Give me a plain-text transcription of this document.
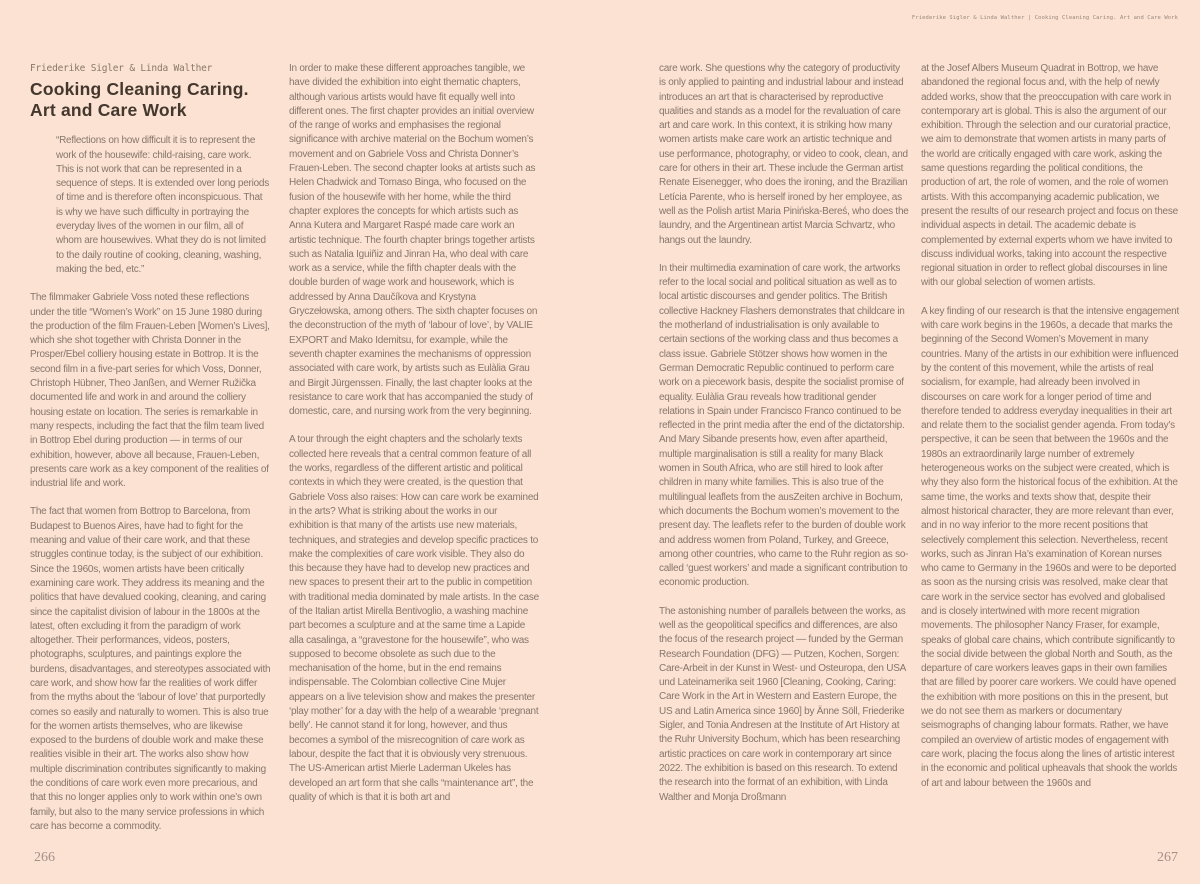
Friederike Sigler & Linda Walther | Cooking Cleaning Caring. Art and Care Work
Friederike Sigler & Linda Walther
Cooking Cleaning Caring.
Art and Care Work
“Reflections on how difficult it is to represent the work of the housewife: child-raising, care work. This is not work that can be represented in a sequence of steps. It is extended over long periods of time and is therefore often inconspicuous. That is why we have such difficulty in portraying the everyday lives of the women in our film, all of whom are housewives. What they do is not limited to the daily routine of cooking, cleaning, washing, making the bed, etc.”

The filmmaker Gabriele Voss noted these reflections under the title “Women’s Work” on 15 June 1980 during the production of the film Frauen-Leben [Women’s Lives], which she shot together with Christa Donner in the Prosper/Ebel colliery housing estate in Bottrop. It is the second film in a five-part series for which Voss, Donner, Christoph Hübner, Theo Janßen, and Werner Ružička documented life and work in and around the colliery housing estate on location. The series is remarkable in many respects, including the fact that the film team lived in Bottrop Ebel during production — in terms of our exhibition, however, above all because, Frauen-Leben, presents care work as a key component of the realities of industrial life and work.

The fact that women from Bottrop to Barcelona, from Budapest to Buenos Aires, have had to fight for the meaning and value of their care work, and that these struggles continue today, is the subject of our exhibition. Since the 1960s, women artists have been critically examining care work. They address its meaning and the politics that have devalued cooking, cleaning, and caring since the capitalist division of labour in the 1800s at the latest, often excluding it from the paradigm of work altogether. Their performances, videos, posters, photographs, sculptures, and paintings explore the burdens, disadvantages, and stereotypes associated with care work, and show how far the realities of work differ from the myths about the ‘labour of love’ that purportedly comes so easily and naturally to women. This is also true for the women artists themselves, who are likewise exposed to the burdens of double work and make these realities visible in their art. The works also show how multiple discrimination contributes significantly to making the conditions of care work even more precarious, and that this no longer applies only to work within one’s own family, but also to the many service professions in which care has become a commodity.

In order to make these different approaches tangible, we have divided the exhibition into eight thematic chapters, although various artists would have fit equally well into different ones. The first chapter provides an initial overview of the range of works and emphasises the regional significance with archive material on the Bochum women’s movement and on Gabriele Voss and Christa Donner’s Frauen-Leben. The second chapter looks at artists such as Helen Chadwick and Tomaso Binga, who focused on the fusion of the housewife with her home, while the third chapter explores the concepts for which artists such as Anna Kutera and Margaret Raspé made care work an artistic technique. The fourth chapter brings together artists such as Natalia Iguiñiz and Jinran Ha, who deal with care work as a service, while the fifth chapter deals with the double burden of wage work and housework, which is addressed by Anna Daučíkova and Krystyna Gryczełowska, among others. The sixth chapter focuses on the deconstruction of the myth of ‘labour of love’, by VALIE EXPORT and Mako Idemitsu, for example, while the seventh chapter examines the mechanisms of oppression associated with care work, by artists such as Eulàlia Grau and Birgit Jürgenssen. Finally, the last chapter looks at the resistance to care work that has accompanied the study of domestic, care, and nursing work from the very beginning.

A tour through the eight chapters and the scholarly texts collected here reveals that a central common feature of all the works, regardless of the different artistic and political contexts in which they were created, is the question that Gabriele Voss also raises: How can care work be examined in the arts? What is striking about the works in our exhibition is that many of the artists use new materials, techniques, and strategies and develop specific practices to make the complexities of care work visible. They also do this because they have had to develop new practices and new spaces to present their art to the public in competition with traditional media dominated by male artists. In the case of the Italian artist Mirella Bentivoglio, a washing machine part becomes a sculpture and at the same time a Lapide alla casalinga, a “gravestone for the housewife”, who was supposed to become obsolete as such due to the mechanisation of the home, but in the end remains indispensable. The Colombian collective Cine Mujer appears on a live television show and makes the presenter ‘play mother’ for a day with the help of a wearable ‘pregnant belly’. He cannot stand it for long, however, and thus becomes a symbol of the misrecognition of care work as labour, despite the fact that it is obviously very strenuous. The US-American artist Mierle Laderman Ukeles has developed an art form that she calls “maintenance art”, the quality of which is that it is both art and

care work. She questions why the category of productivity is only applied to painting and industrial labour and instead introduces an art that is characterised by reproductive qualities and stands as a model for the revaluation of care art and care work. In this context, it is striking how many women artists make care work an artistic technique and use performance, photography, or video to cook, clean, and care for others in their art. These include the German artist Renate Eisenegger, who does the ironing, and the Brazilian Letícia Parente, who is herself ironed by her employee, as well as the Polish artist Maria Pinińska-Bereś, who does the laundry, and the Argentinean artist Marcia Schvartz, who hangs out the laundry.

In their multimedia examination of care work, the artworks refer to the local social and political situation as well as to local artistic discourses and gender politics. The British collective Hackney Flashers demonstrates that childcare in the motherland of industrialisation is only available to certain sections of the working class and thus becomes a class issue. Gabriele Stötzer shows how women in the German Democratic Republic continued to perform care work on a piecework basis, despite the socialist promise of equality. Eulàlia Grau reveals how traditional gender relations in Spain under Francisco Franco continued to be reflected in the print media after the end of the dictatorship. And Mary Sibande presents how, even after apartheid, multiple marginalisation is still a reality for many Black women in South Africa, who are still hired to look after children in many white families. This is also true of the multilingual leaflets from the ausZeiten archive in Bochum, which documents the Bochum women’s movement to the present day. The leaflets refer to the burden of double work and address women from Poland, Turkey, and Greece, among other countries, who came to the Ruhr region as so-called ‘guest workers’ and made a significant contribution to economic production.

The astonishing number of parallels between the works, as well as the geopolitical specifics and differences, are also the focus of the research project — funded by the German Research Foundation (DFG) — Putzen, Kochen, Sorgen: Care-Arbeit in der Kunst in West- und Osteuropa, den USA und Lateinamerika seit 1960 [Cleaning, Cooking, Caring: Care Work in the Art in Western and Eastern Europe, the US and Latin America since 1960] by Änne Söll, Friederike Sigler, and Tonia Andresen at the Institute of Art History at the Ruhr University Bochum, which has been researching artistic practices on care work in contemporary art since 2022. The exhibition is based on this research. To extend the research into the format of an exhibition, with Linda Walther and Monja Droßmann

at the Josef Albers Museum Quadrat in Bottrop, we have abandoned the regional focus and, with the help of newly added works, show that the preoccupation with care work in contemporary art is global. This is also the argument of our exhibition. Through the selection and our curatorial practice, we aim to demonstrate that women artists in many parts of the world are critically engaged with care work, asking the same questions regarding the political conditions, the production of art, the role of women, and the role of women artists. With this accompanying academic publication, we present the results of our research project and focus on these individual aspects in detail. The academic debate is complemented by external experts whom we have invited to discuss individual works, taking into account the respective regional situation in order to reflect global discourses in line with our global selection of women artists.

A key finding of our research is that the intensive engagement with care work begins in the 1960s, a decade that marks the beginning of the Second Women’s Movement in many countries. Many of the artists in our exhibition were influenced by the content of this movement, while the artists of real socialism, for example, had already been involved in discourses on care work for a longer period of time and therefore tended to address everyday inequalities in their art and relate them to the socialist gender agenda. From today’s perspective, it can be seen that between the 1960s and the 1980s an extraordinarily large number of extremely heterogeneous works on the subject were created, which is why they also form the historical focus of the exhibition. At the same time, the works and texts show that, despite their almost historical character, they are more relevant than ever, and in no way inferior to the more recent positions that selectively complement this selection. Nevertheless, recent works, such as Jinran Ha’s examination of Korean nurses who came to Germany in the 1960s and were to be deported as soon as the nursing crisis was resolved, make clear that care work in the service sector has evolved and globalised and is closely intertwined with more recent migration movements. The philosopher Nancy Fraser, for example, speaks of global care chains, which contribute significantly to the social divide between the global North and South, as the departure of care workers leaves gaps in their own families that are filled by poorer care workers. We could have opened the exhibition with more positions on this in the present, but we do not see them as markers or documentary seismographs of changing labour formats. Rather, we have compiled an overview of artistic modes of engagement with care work, placing the focus along the lines of artistic interest in the economic and political upheavals that shook the worlds of art and labour between the 1960s and

266	267
